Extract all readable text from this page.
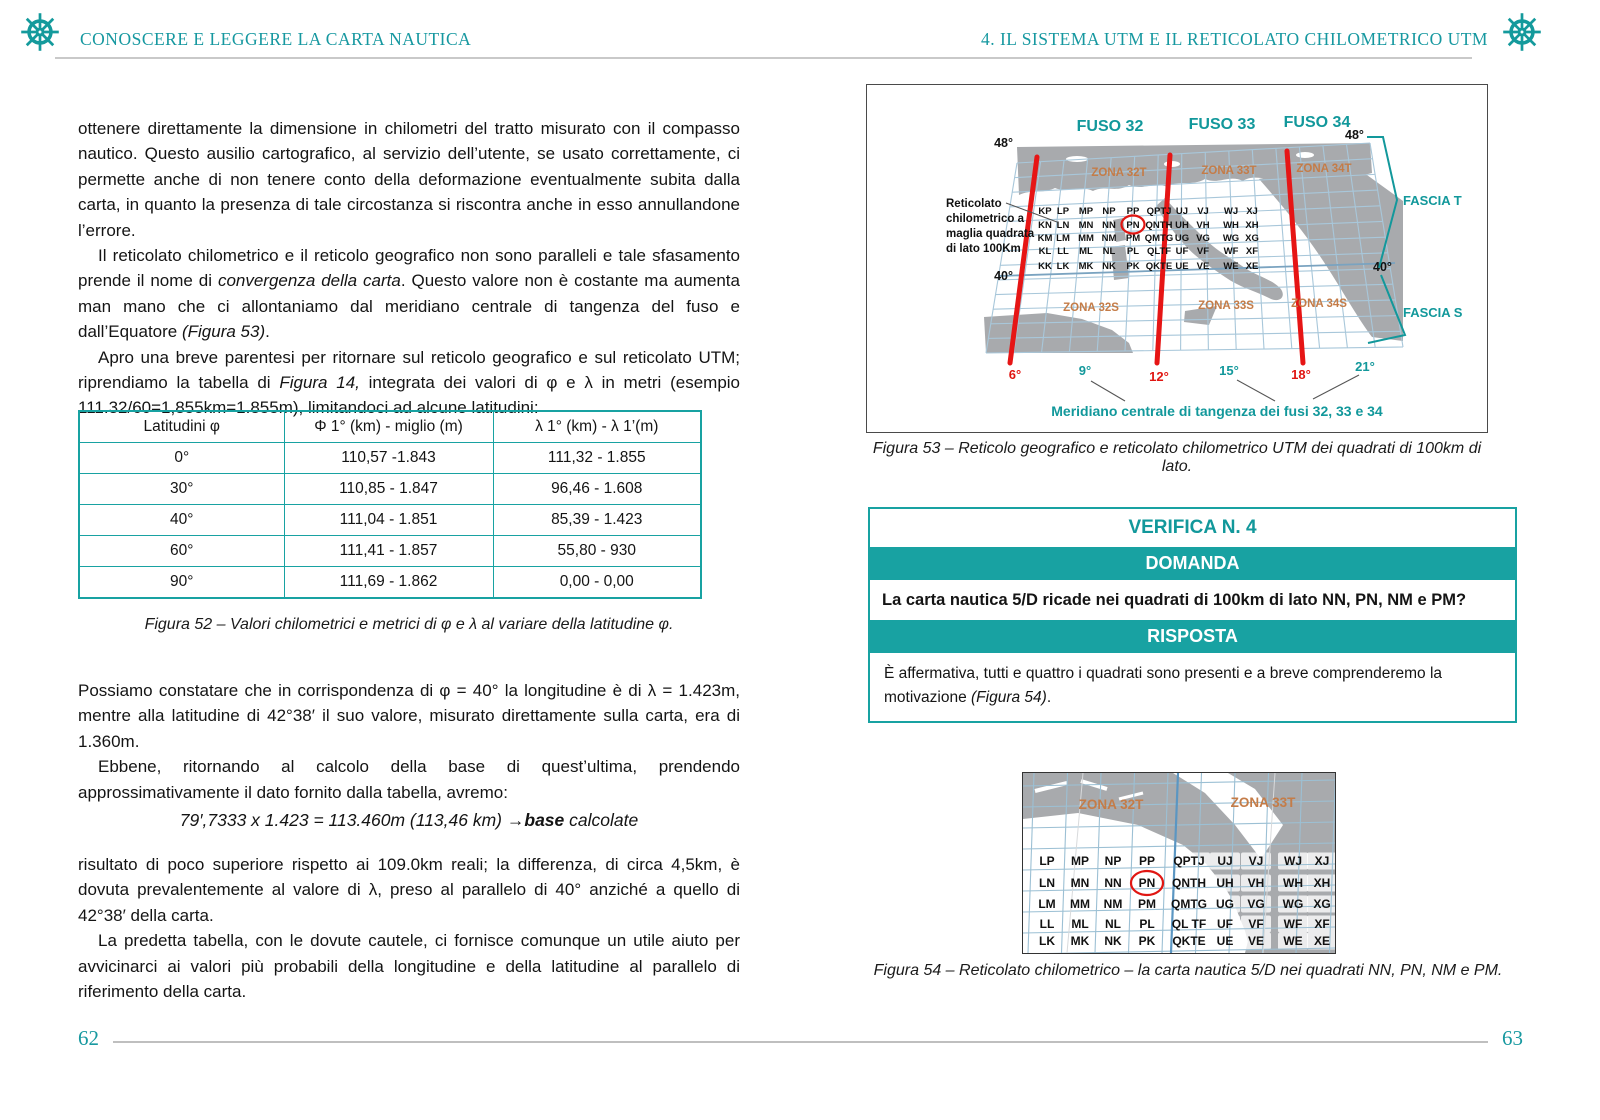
CONOSCERE E LEGGERE LA CARTA NAUTICA	4. IL SISTEMA UTM E IL RETICOLATO CHILOMETRICO UTM

ottenere direttamente la dimensione in chilometri del tratto misurato con il compasso nautico. Questo ausilio cartografico, al servizio dell’utente, se usato correttamente, ci permette anche di non tenere conto della deformazione eventualmente subita dalla carta, in quanto la presenza di tale circostanza si riscontra anche in esso annullandone l’errore.

Il reticolato chilometrico e il reticolo geografico non sono paralleli e tale sfasamento prende il nome di convergenza della carta. Questo valore non è costante ma aumenta man mano che ci allontaniamo dal meridiano centrale di tangenza del fuso e dall’Equatore (Figura 53).

Apro una breve parentesi per ritornare sul reticolo geografico e sul reticolato UTM; riprendiamo la tabella di Figura 14, integrata dei valori di φ e λ in metri (esempio 111.32/60=1,855km=1.855m), limitandoci ad alcune latitudini:

Latitudini φ	Φ 1° (km) - miglio (m)	λ 1° (km) - λ 1’(m)
0°	110,57 -1.843	111,32 - 1.855
30°	110,85 - 1.847	96,46 - 1.608
40°	111,04 - 1.851	85,39 - 1.423
60°	111,41 - 1.857	55,80 - 930
90°	111,69 - 1.862	0,00 - 0,00
Figura 52 – Valori chilometrici e metrici di φ e λ al variare della latitudine φ.

Possiamo constatare che in corrispondenza di φ = 40° la longitudine è di λ = 1.423m, mentre alla latitudine di 42°38′ il suo valore, misurato direttamente sulla carta, era di 1.360m.

Ebbene, ritornando al calcolo della base di quest’ultima, prendendo approssimativamente il dato fornito dalla tabella, avremo:

79′,7333 x 1.423 = 113.460m (113,46 km) →base calcolate

risultato di poco superiore rispetto ai 109.0km reali; la differenza, di circa 4,5km, è dovuta prevalentemente al valore di λ, preso al parallelo di 40° anziché a quello di 42°38′ della carta.

La predetta tabella, con le dovute cautele, ci fornisce comunque un utile aiuto per avvicinarci ai valori più probabili della longitudine e della latitudine al parallelo di riferimento della carta.

FUSO 32	FUSO 33 FUSO 34
48°
48°
40°
40°
ZONA 32T	ZONA 33T	ZONA 34T
ZONA 32S	ZONA 33S	ZONA 34S
Reticolato
chilometrico a
maglia quadrata
di lato 100Km
KP LP MP NP PP QPTJ UJ VJ WJ XJ
KN LN MN NN PN QNTH UH VH WH XH
KM LM MM NM PM QMTG UG VG WG XG
KL LL ML NL PL QLTF UF VF WF XF
KK LK MK NK PK QKTE UE VE WE XE
FASCIA T
FASCIA S
6°	9°	12°	15°	18°
21°
Meridiano centrale di tangenza dei fusi 32, 33 e 34
Figura 53 – Reticolo geografico e reticolato chilometrico UTM dei quadrati di 100km di lato.
VERIFICA N. 4
DOMANDA
La carta nautica 5/D ricade nei quadrati di 100km di lato NN, PN, NM e PM?
RISPOSTA
È affermativa, tutti e quattro i quadrati sono presenti e a breve comprenderemo la motivazione (Figura 54).
ZONA 32T	ZONA 33T
LP MP NP PP QPTJ UJ VJ WJ XJ
LN MN NN PN QNTH UH VH WH XH
LM MM NM PM QMTG UG VG WG XG
LL ML NL PL QL TF UF VF WF XF
LK MK NK PK QKTE UE VE WE XE
Figura 54 – Reticolato chilometrico – la carta nautica 5/D nei quadrati NN, PN, NM e PM.
62	63
